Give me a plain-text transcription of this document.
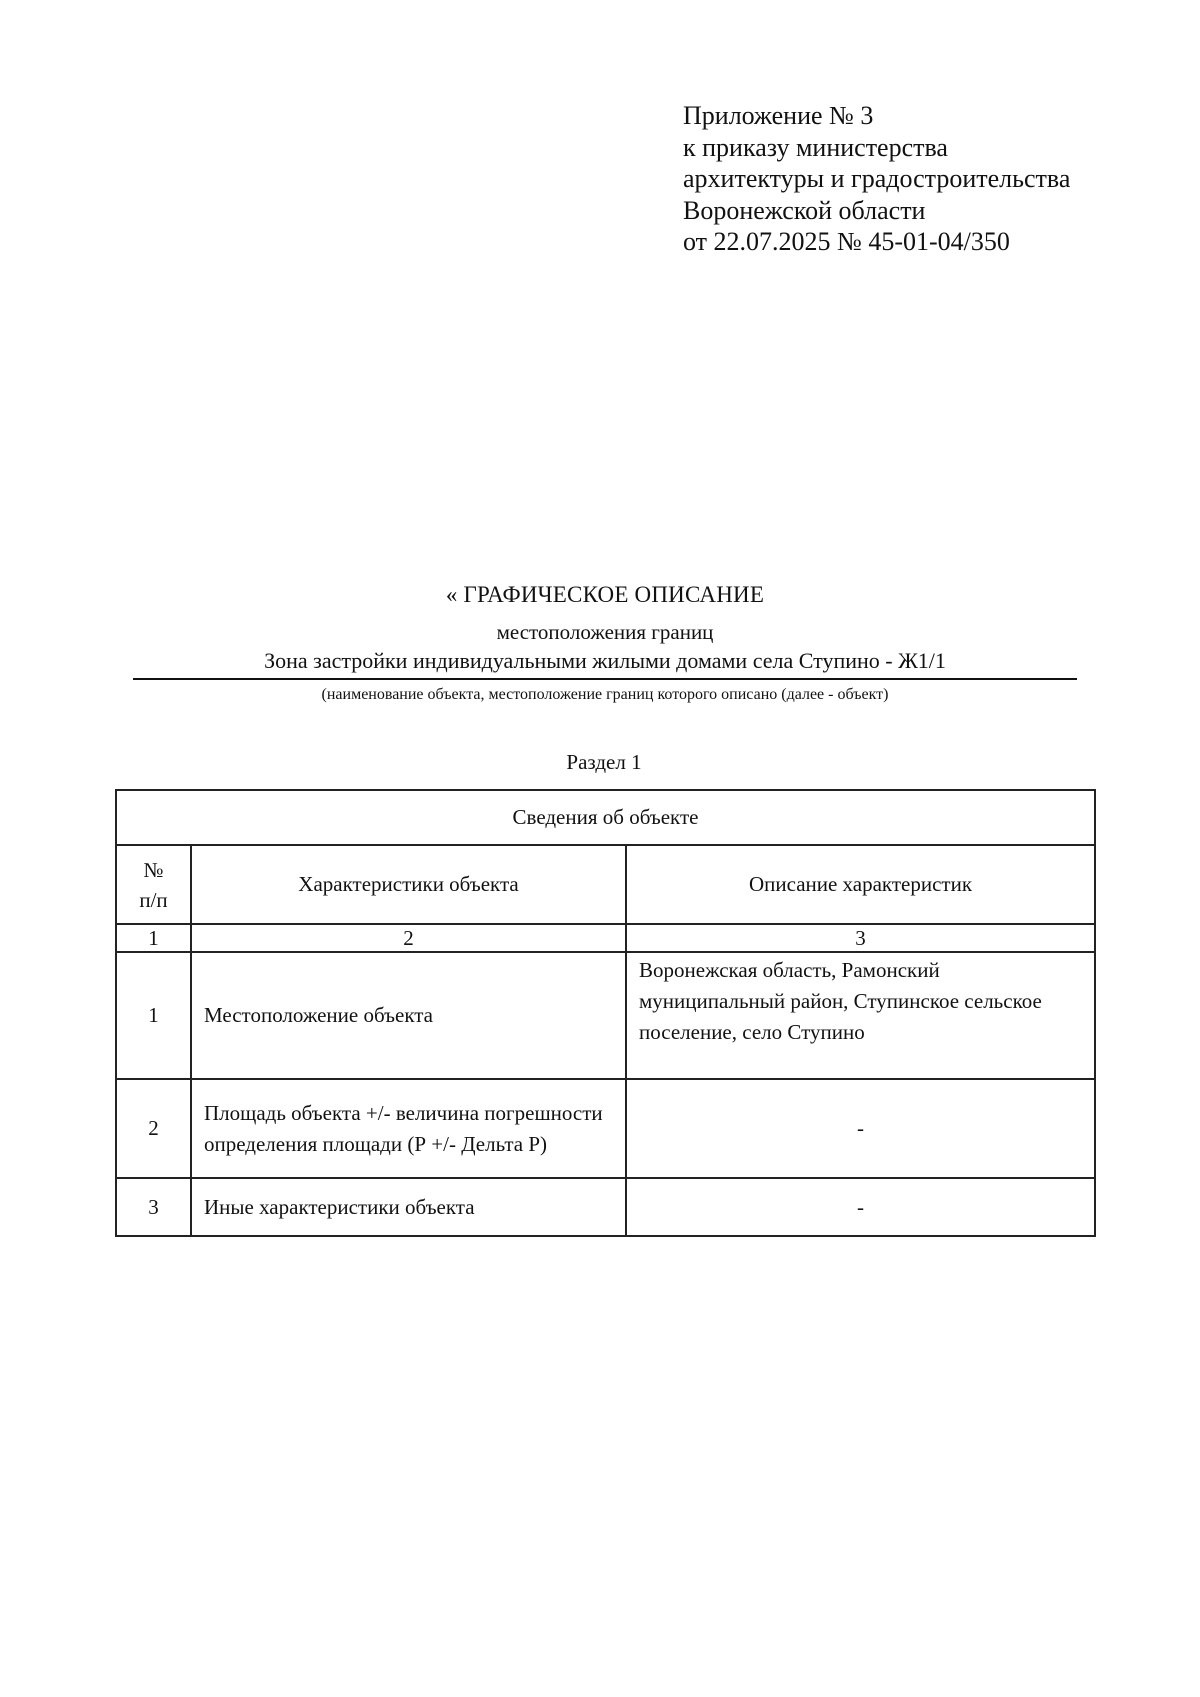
Приложение № 3
к приказу министерства
архитектуры и градостроительства
Воронежской области
от 22.07.2025 № 45-01-04/350
« ГРАФИЧЕСКОЕ ОПИСАНИЕ
местоположения границ
Зона застройки индивидуальными жилыми домами села Ступино - Ж1/1
(наименование объекта, местоположение границ которого описано (далее - объект)
Раздел 1
Сведения об объекте		

№
п/п	Характеристики объекта	Описание характеристик
1	2	3
1	Местоположение объекта	Воронежская область, Рамонский муниципальный район, Ступинское сельское поселение, село Ступино
2	Площадь объекта +/- величина погрешности определения площади (Р +/- Дельта Р)	-
3	Иные характеристики объекта	-
